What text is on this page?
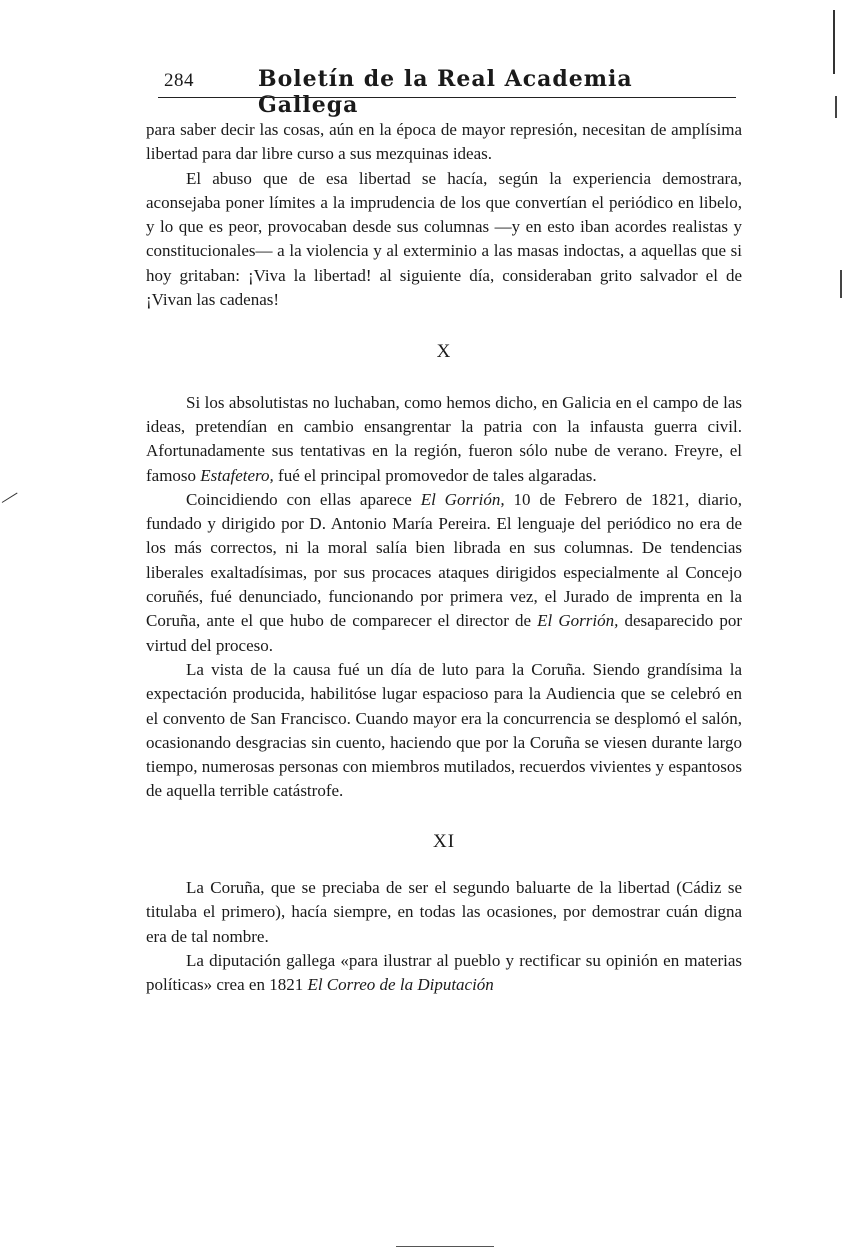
284	Boletín de la Real Academia Gallega

para saber decir las cosas, aún en la época de mayor represión, necesitan de amplísima libertad para dar libre curso a sus mezquinas ideas.

El abuso que de esa libertad se hacía, según la experiencia demostrara, aconsejaba poner límites a la imprudencia de los que convertían el periódico en libelo, y lo que es peor, provocaban desde sus columnas —y en esto iban acordes realistas y constitucionales— a la violencia y al exterminio a las masas indoctas, a aquellas que si hoy gritaban: ¡Viva la libertad! al siguiente día, consideraban grito salvador el de ¡Vivan las cadenas!

X

Si los absolutistas no luchaban, como hemos dicho, en Galicia en el campo de las ideas, pretendían en cambio ensangrentar la patria con la infausta guerra civil. Afortunadamente sus tentativas en la región, fueron sólo nube de verano. Freyre, el famoso Estafetero, fué el principal promovedor de tales algaradas.

Coincidiendo con ellas aparece El Gorrión, 10 de Febrero de 1821, diario, fundado y dirigido por D. Antonio María Pereira. El lenguaje del periódico no era de los más correctos, ni la moral salía bien librada en sus columnas. De tendencias liberales exaltadísimas, por sus procaces ataques dirigidos especialmente al Concejo coruñés, fué denunciado, funcionando por primera vez, el Jurado de imprenta en la Coruña, ante el que hubo de comparecer el director de El Gorrión, desaparecido por virtud del proceso.

La vista de la causa fué un día de luto para la Coruña. Siendo grandísima la expectación producida, habilitóse lugar espacioso para la Audiencia que se celebró en el convento de San Francisco. Cuando mayor era la concurrencia se desplomó el salón, ocasionando desgracias sin cuento, haciendo que por la Coruña se viesen durante largo tiempo, numerosas personas con miembros mutilados, recuerdos vivientes y espantosos de aquella terrible catástrofe.

XI

La Coruña, que se preciaba de ser el segundo baluarte de la libertad (Cádiz se titulaba el primero), hacía siempre, en todas las ocasiones, por demostrar cuán digna era de tal nombre.

La diputación gallega «para ilustrar al pueblo y rectificar su opinión en materias políticas» crea en 1821 El Correo de la Diputación
